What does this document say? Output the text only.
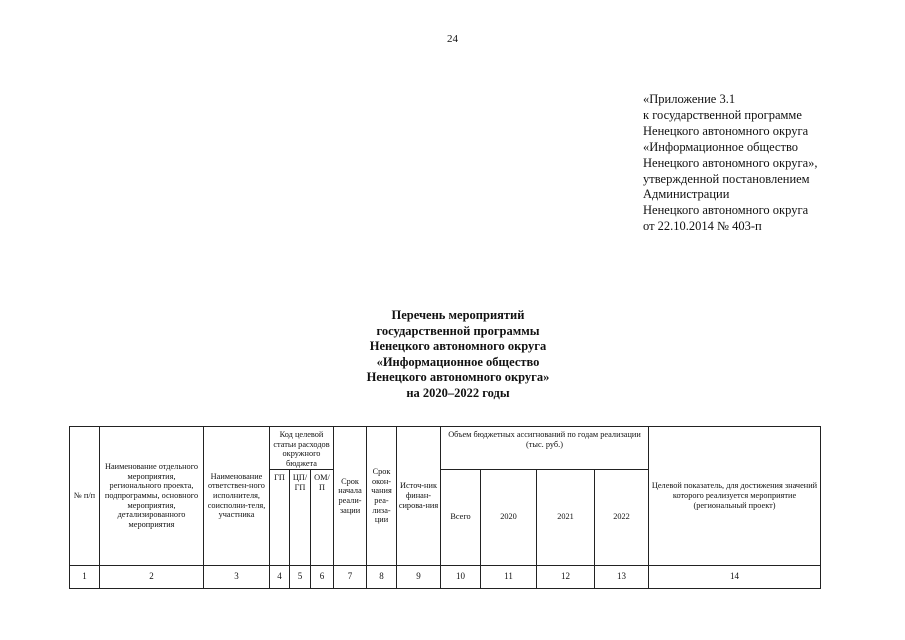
24
«Приложение 3.1
к государственной программе
Ненецкого автономного округа
«Информационное общество
Ненецкого автономного округа»,
утвержденной постановлением
Администрации
Ненецкого автономного округа
от 22.10.2014 № 403-п
Перечень мероприятий
государственной программы
Ненецкого автономного округа
«Информационное общество
Ненецкого автономного округа»
на 2020–2022 годы
№ п/п	Наименование отдельного мероприятия, регионального проекта, подпрограммы, основного мероприятия, детализированного мероприятия	Наименование ответствен-ного исполнителя, соисполни-теля, участника	Код целевой статьи расходов окружного бюджета			Срок начала реали-зации	Срок окон-чания реа-лиза-ции	Источ-ник финан-сирова-ния	Объем бюджетных ассигнований по годам реализации (тыс. руб.)				Целевой показатель, для достижения значений которого реализуется мероприятие (региональный проект)
			ГП	ЦП/ ГП	ОМ/ П				Всего	2020	2021	2022	
1	2	3	4	5	6	7	8	9	10	11	12	13	14
